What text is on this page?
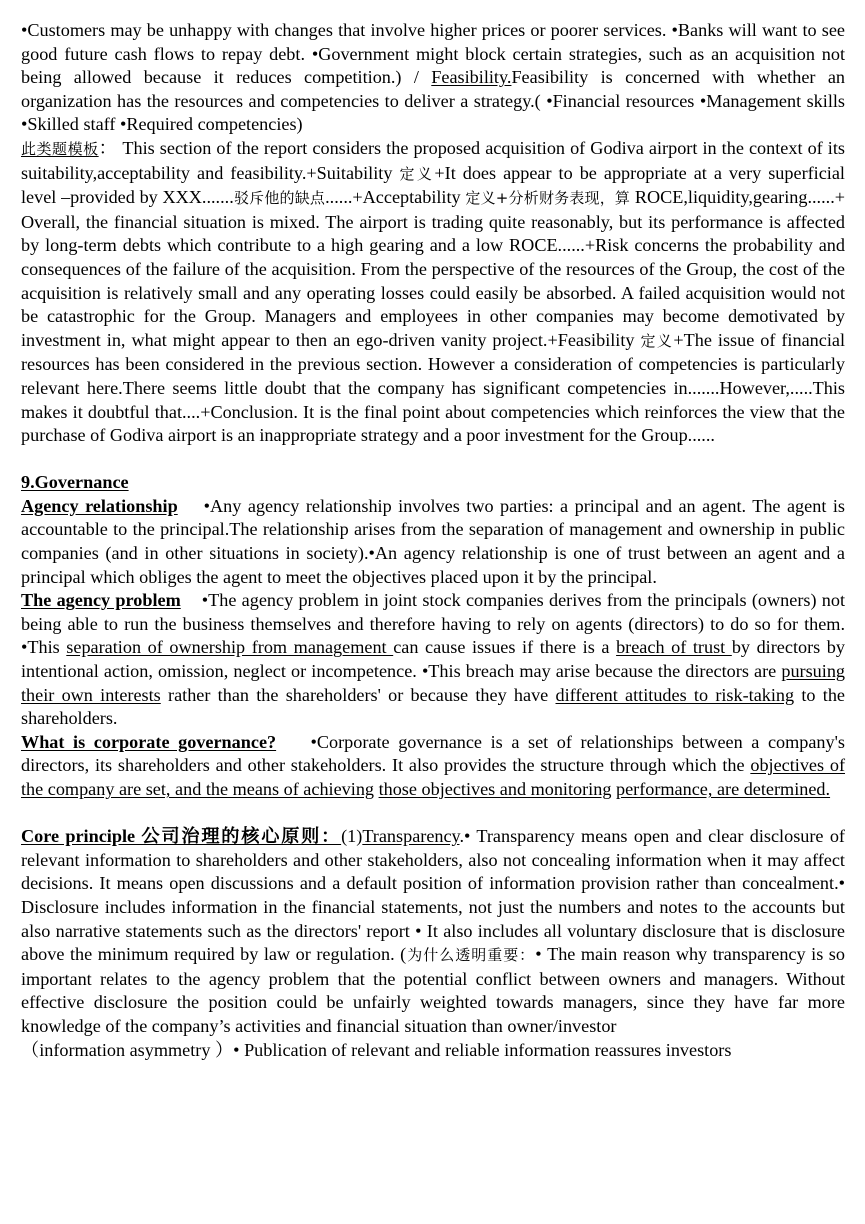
•Customers may be unhappy with changes that involve higher prices or poorer services. •Banks will want to see good future cash flows to repay debt. •Government might block certain strategies, such as an acquisition not being allowed because it reduces competition.) / Feasibility.Feasibility is concerned with whether an organization has the resources and competencies to deliver a strategy.( •Financial resources •Management skills •Skilled staff •Required competencies)
此类题模板： This section of the report considers the proposed acquisition of Godiva airport in the context of its suitability,acceptability and feasibility.+Suitability 定义+It does appear to be appropriate at a very superficial level –provided by XXX.......驳斥他的缺点......+Acceptability 定义+分析财务表现，算 ROCE,liquidity,gearing......+ Overall, the financial situation is mixed. The airport is trading quite reasonably, but its performance is affected by long-term debts which contribute to a high gearing and a low ROCE......+Risk concerns the probability and consequences of the failure of the acquisition. From the perspective of the resources of the Group, the cost of the acquisition is relatively small and any operating losses could easily be absorbed. A failed acquisition would not be catastrophic for the Group. Managers and employees in other companies may become demotivated by investment in, what might appear to then an ego-driven vanity project.+Feasibility 定义+The issue of financial resources has been considered in the previous section. However a consideration of competencies is particularly relevant here.There seems little doubt that the company has significant competencies in.......However,.....This makes it doubtful that....+Conclusion. It is the final point about competencies which reinforces the view that the purchase of Godiva airport is an inappropriate strategy and a poor investment for the Group......

9.Governance

Agency relationship    •Any agency relationship involves two parties: a principal and an agent. The agent is accountable to the principal.The relationship arises from the separation of management and ownership in public companies (and in other situations in society).•An agency relationship is one of trust between an agent and a principal which obliges the agent to meet the objectives placed upon it by the principal.

The agency problem    •The agency problem in joint stock companies derives from the principals (owners) not being able to run the business themselves and therefore having to rely on agents (directors) to do so for them. •This separation of ownership from management can cause issues if there is a breach of trust by directors by intentional action, omission, neglect or incompetence. •This breach may arise because the directors are pursuing their own interests rather than the shareholders' or because they have different attitudes to risk-taking to the shareholders.

What is corporate governance?    •Corporate governance is a set of relationships between a company's directors, its shareholders and other stakeholders. It also provides the structure through which the objectives of the company are set, and the means of achieving those objectives and monitoring performance, are determined.

Core principle 公司治理的核心原则：(1)Transparency.• Transparency means open and clear disclosure of relevant information to shareholders and other stakeholders, also not concealing information when it may affect decisions. It means open discussions and a default position of information provision rather than concealment.• Disclosure includes information in the financial statements, not just the numbers and notes to the accounts but also narrative statements such as the directors' report • It also includes all voluntary disclosure that is disclosure above the minimum required by law or regulation. (为什么透明重要：• The main reason why transparency is so important relates to the agency problem that the potential conflict between owners and managers. Without effective disclosure the position could be unfairly weighted towards managers, since they have far more knowledge of the company’s activities and financial situation than owner/investor
（information asymmetry ）• Publication of relevant and reliable information reassures investors
